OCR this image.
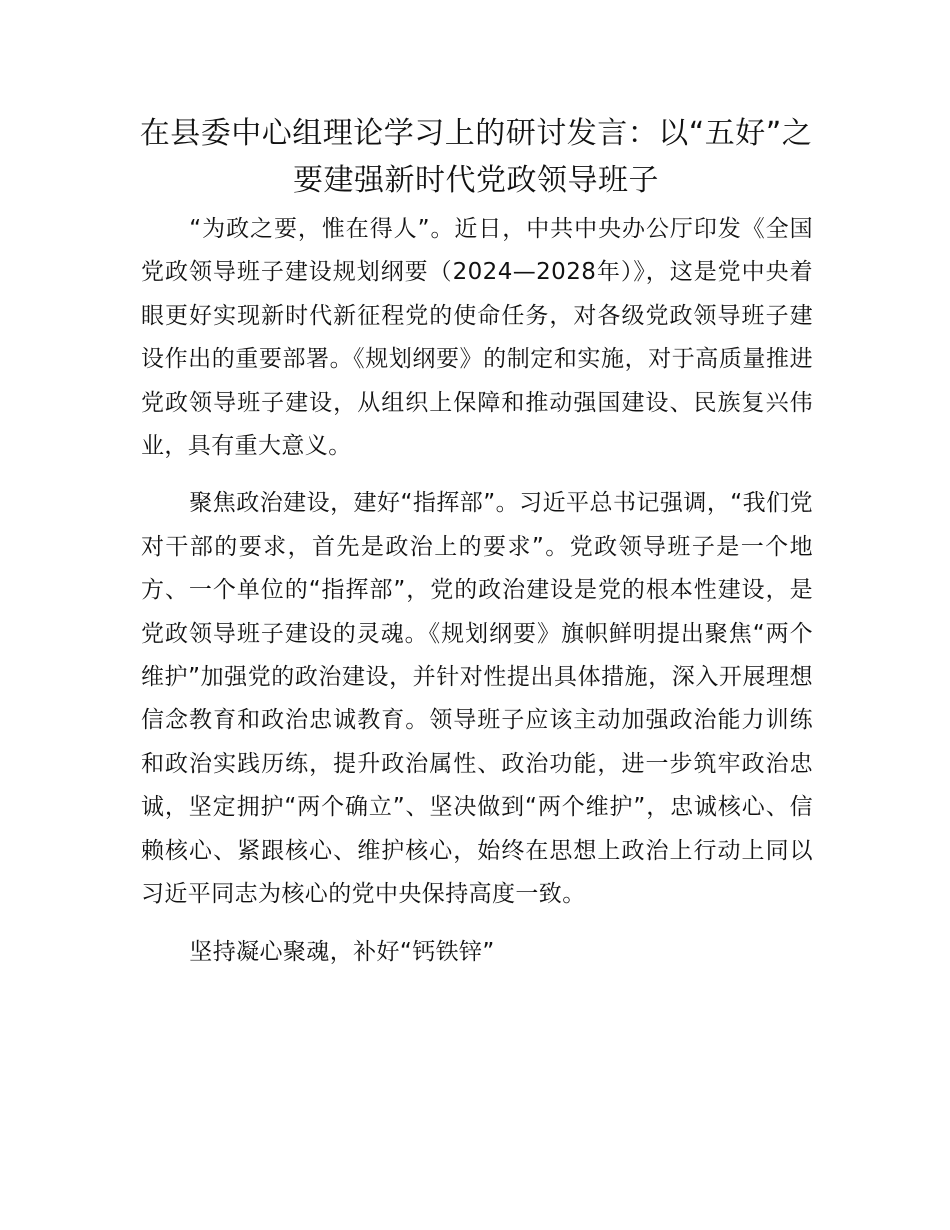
在县委中心组理论学习上的研讨发言：以“五好”之要建强新时代党政领导班子

“为政之要，惟在得人”。近日，中共中央办公厅印发《全国党政领导班子建设规划纲要（2024—2028年）》，这是党中央着眼更好实现新时代新征程党的使命任务，对各级党政领导班子建设作出的重要部署。《规划纲要》的制定和实施，对于高质量推进党政领导班子建设，从组织上保障和推动强国建设、民族复兴伟业，具有重大意义。

聚焦政治建设，建好“指挥部”。习近平总书记强调，“我们党对干部的要求，首先是政治上的要求”。党政领导班子是一个地方、一个单位的“指挥部”，党的政治建设是党的根本性建设，是党政领导班子建设的灵魂。《规划纲要》旗帜鲜明提出聚焦“两个维护”加强党的政治建设，并针对性提出具体措施，深入开展理想信念教育和政治忠诚教育。领导班子应该主动加强政治能力训练和政治实践历练，提升政治属性、政治功能，进一步筑牢政治忠诚，坚定拥护“两个确立”、坚决做到“两个维护”，忠诚核心、信赖核心、紧跟核心、维护核心，始终在思想上政治上行动上同以习近平同志为核心的党中央保持高度一致。

坚持凝心聚魂，补好“钙铁锌”
